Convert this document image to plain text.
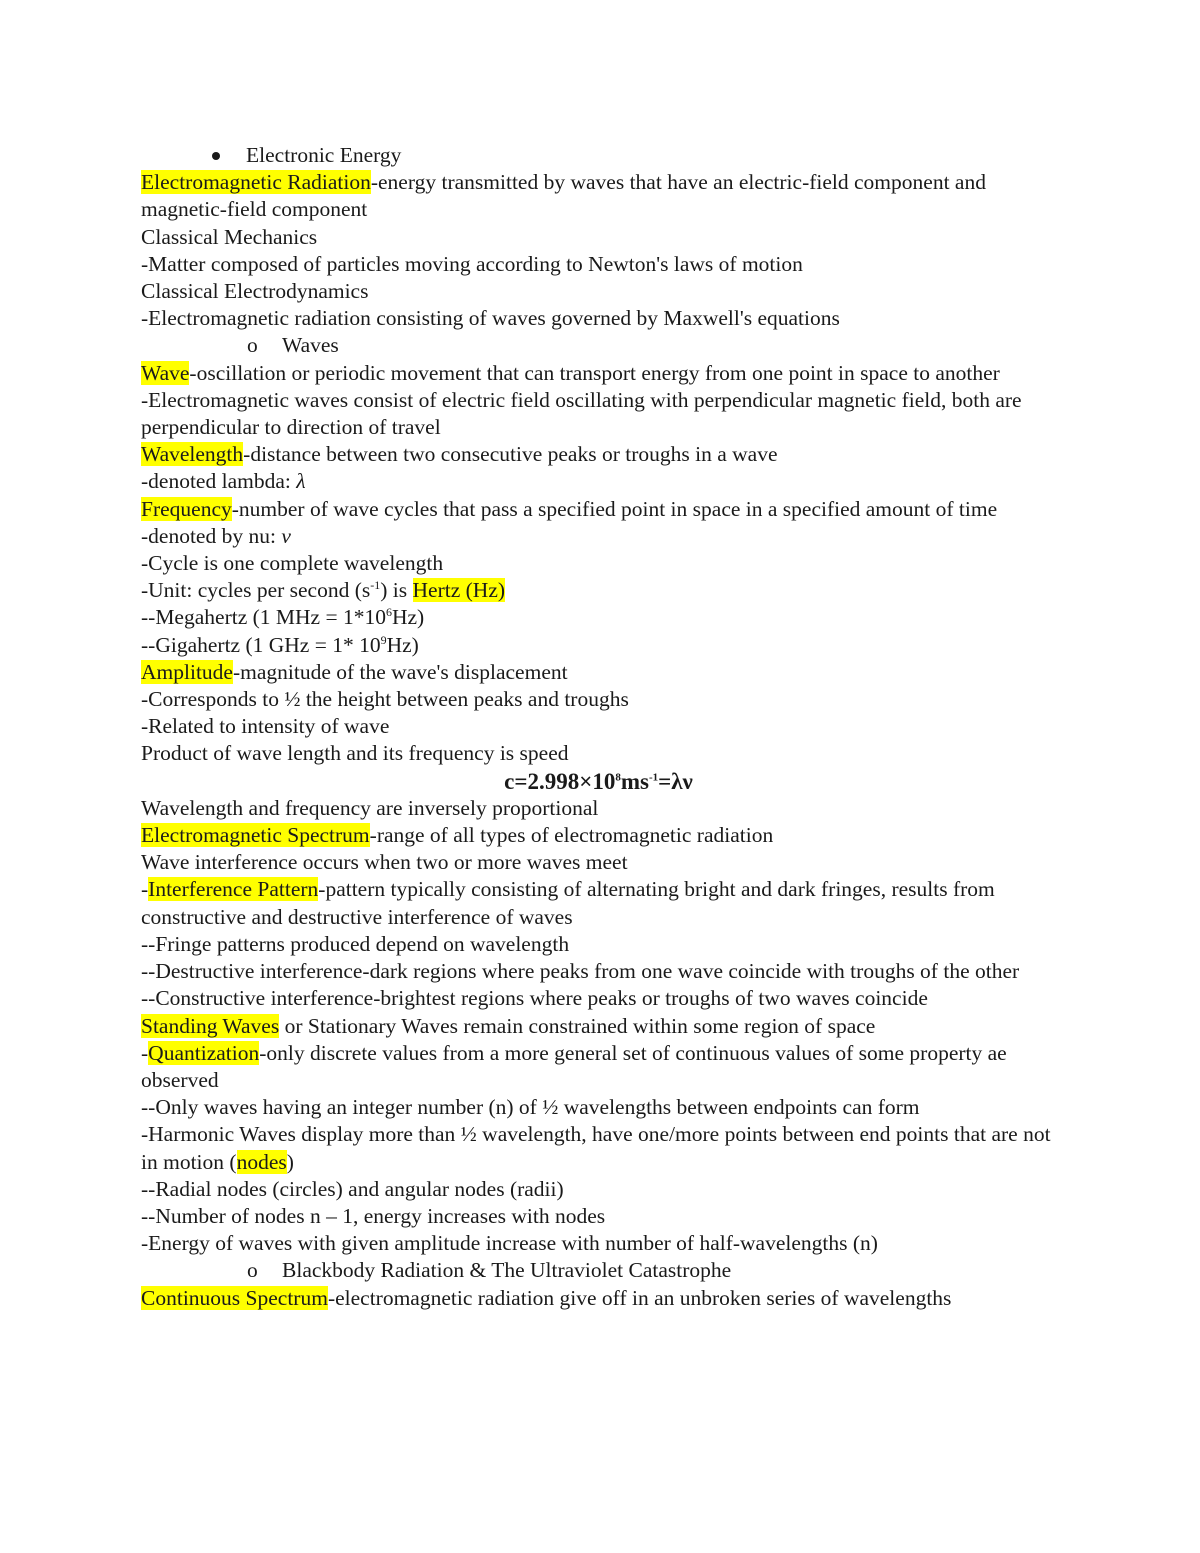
Electronic Energy
Electromagnetic Radiation-energy transmitted by waves that have an electric-field component and magnetic-field component
Classical Mechanics
-Matter composed of particles moving according to Newton's laws of motion
Classical Electrodynamics
-Electromagnetic radiation consisting of waves governed by Maxwell's equations
o Waves
Wave-oscillation or periodic movement that can transport energy from one point in space to another
-Electromagnetic waves consist of electric field oscillating with perpendicular magnetic field, both are perpendicular to direction of travel
Wavelength-distance between two consecutive peaks or troughs in a wave
-denoted lambda: λ
Frequency-number of wave cycles that pass a specified point in space in a specified amount of time
-denoted by nu: ν
-Cycle is one complete wavelength
-Unit: cycles per second $(s^{-1})$ is Hertz (Hz)
--Megahertz (1 MHz = $1*10^6Hz$)
--Gigahertz (1 GHz = 1* $10^9Hz$)
Amplitude-magnitude of the wave's displacement
-Corresponds to ½ the height between peaks and troughs
-Related to intensity of wave
Product of wave length and its frequency is speed
$c=2.998\times 10^8ms^{-1}=\lambda\nu$
Wavelength and frequency are inversely proportional
Electromagnetic Spectrum-range of all types of electromagnetic radiation
Wave interference occurs when two or more waves meet
-Interference Pattern-pattern typically consisting of alternating bright and dark fringes, results from constructive and destructive interference of waves
--Fringe patterns produced depend on wavelength
--Destructive interference-dark regions where peaks from one wave coincide with troughs of the other
--Constructive interference-brightest regions where peaks or troughs of two waves coincide
Standing Waves or Stationary Waves remain constrained within some region of space
-Quantization-only discrete values from a more general set of continuous values of some property ae observed
--Only waves having an integer number (n) of ½ wavelengths between endpoints can form
-Harmonic Waves display more than ½ wavelength, have one/more points between end points that are not in motion (nodes)
--Radial nodes (circles) and angular nodes (radii)
--Number of nodes n – 1, energy increases with nodes
-Energy of waves with given amplitude increase with number of half-wavelengths (n)
o Blackbody Radiation & The Ultraviolet Catastrophe
Continuous Spectrum-electromagnetic radiation give off in an unbroken series of wavelengths
